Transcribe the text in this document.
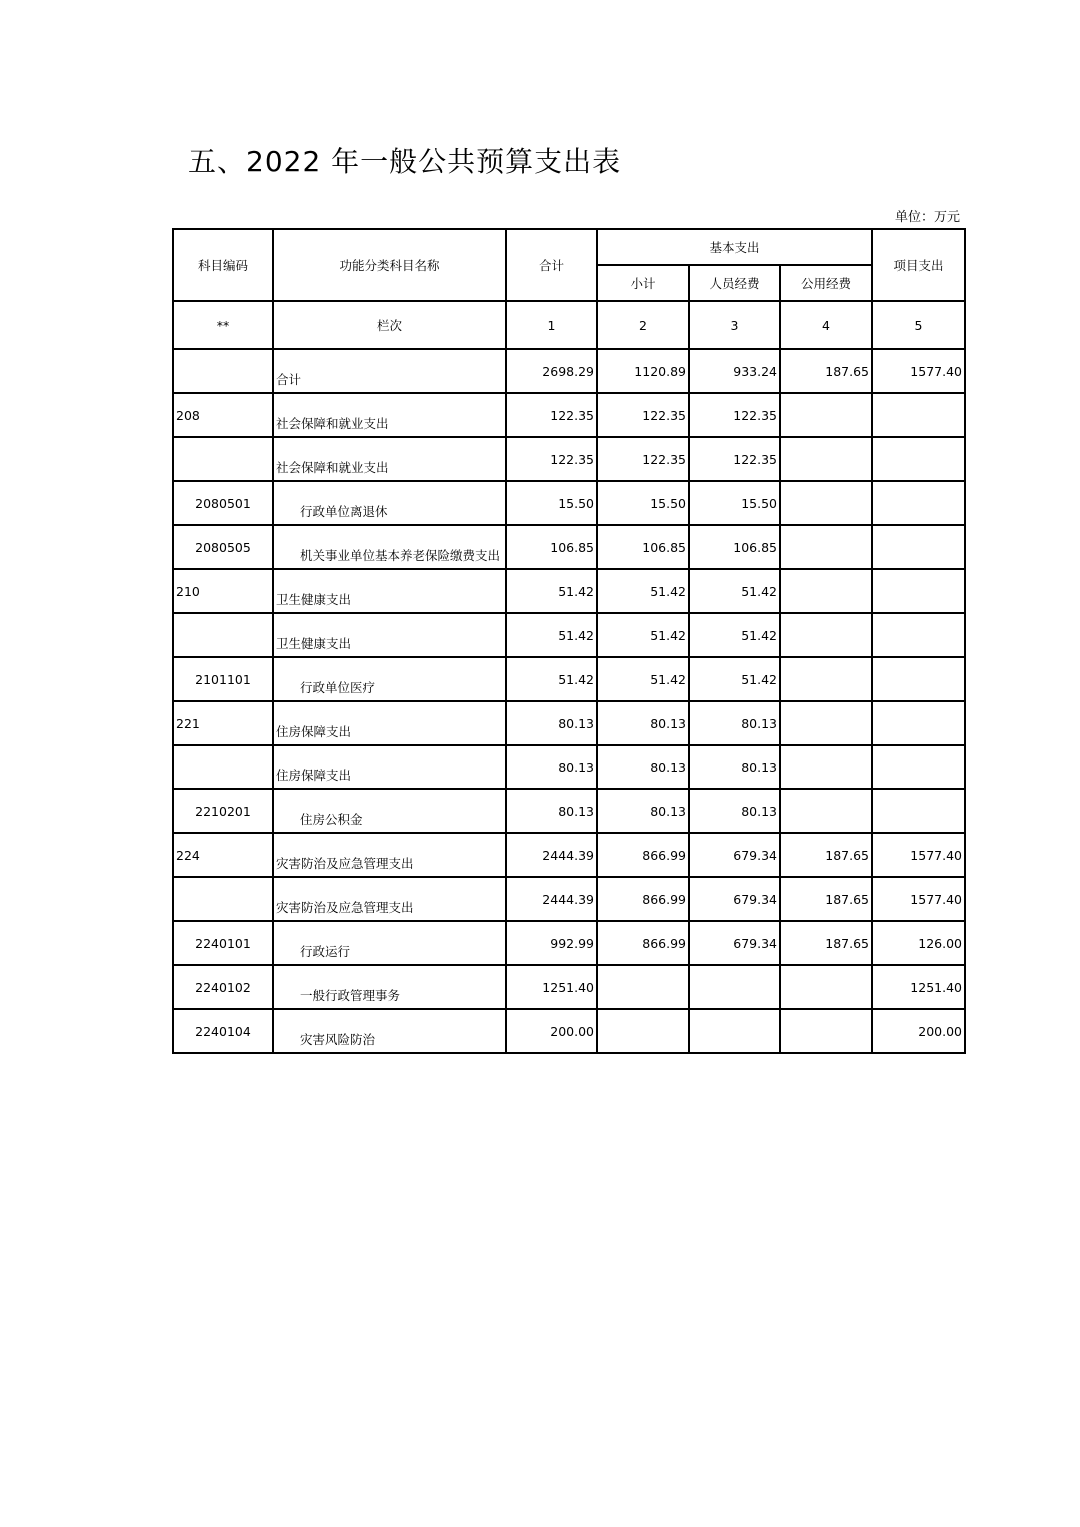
五、2022 年一般公共预算支出表
单位：万元
科目编码	功能分类科目名称	合计	基本支出			项目支出
			小计	人员经费	公用经费	
**	栏次	1	2	3	4	5
	合计	2698.29	1120.89	933.24	187.65	1577.40
208	社会保障和就业支出	122.35	122.35	122.35		
	社会保障和就业支出	122.35	122.35	122.35		
2080501	行政单位离退休	15.50	15.50	15.50		
2080505	机关事业单位基本养老保险缴费支出	106.85	106.85	106.85		
210	卫生健康支出	51.42	51.42	51.42		
	卫生健康支出	51.42	51.42	51.42		
2101101	行政单位医疗	51.42	51.42	51.42		
221	住房保障支出	80.13	80.13	80.13		
	住房保障支出	80.13	80.13	80.13		
2210201	住房公积金	80.13	80.13	80.13		
224	灾害防治及应急管理支出	2444.39	866.99	679.34	187.65	1577.40
	灾害防治及应急管理支出	2444.39	866.99	679.34	187.65	1577.40
2240101	行政运行	992.99	866.99	679.34	187.65	126.00
2240102	一般行政管理事务	1251.40				1251.40
2240104	灾害风险防治	200.00				200.00
